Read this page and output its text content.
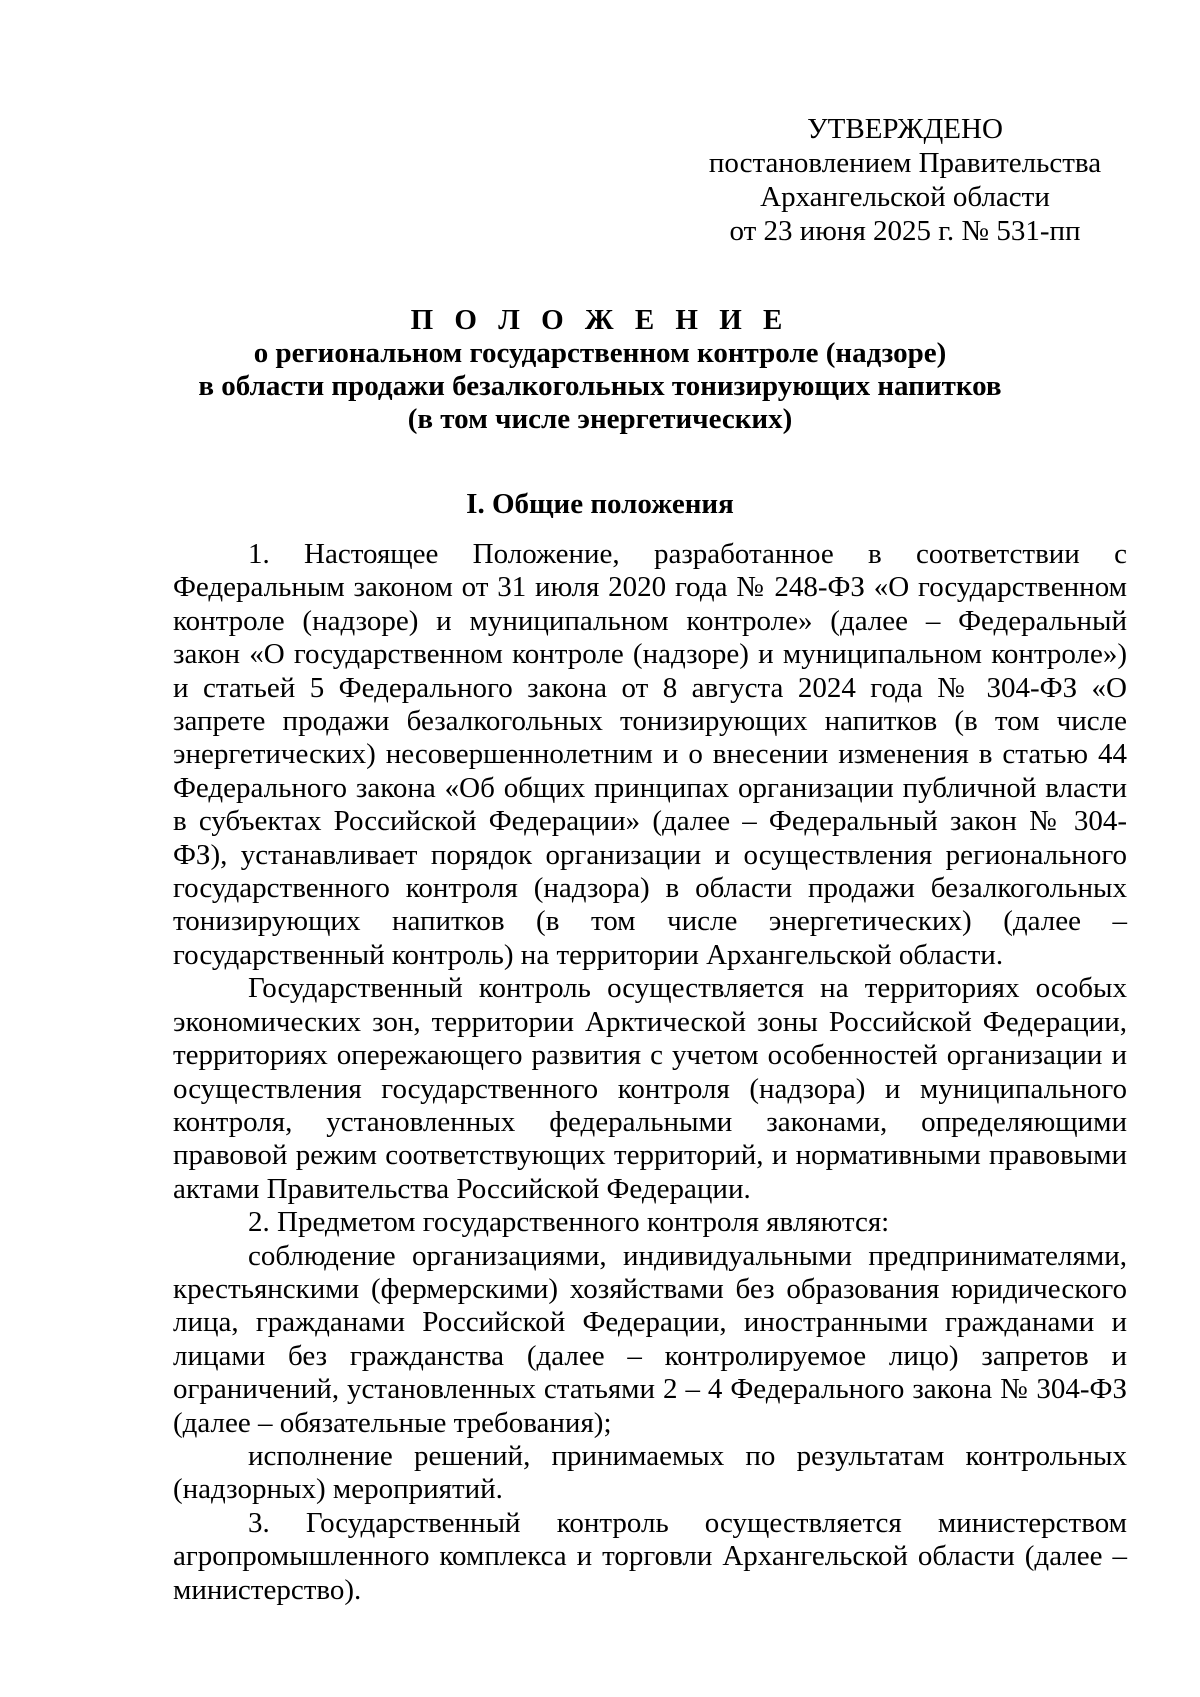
УТВЕРЖДЕНО
постановлением Правительства
Архангельской области
от 23 июня 2025 г. № 531-пп
П О Л О Ж Е Н И Е
о региональном государственном контроле (надзоре)
в области продажи безалкогольных тонизирующих напитков
(в том числе энергетических)
I. Общие положения

1. Настоящее Положение, разработанное в соответствии с Федеральным законом от 31 июля 2020 года № 248-ФЗ «О государственном контроле (надзоре) и муниципальном контроле» (далее – Федеральный закон «О государственном контроле (надзоре) и муниципальном контроле») и статьей 5 Федерального закона от 8 августа 2024 года № 304-ФЗ «О запрете продажи безалкогольных тонизирующих напитков (в том числе энергетических) несовершеннолетним и о внесении изменения в статью 44 Федерального закона «Об общих принципах организации публичной власти в субъектах Российской Федерации» (далее – Федеральный закон № 304-ФЗ), устанавливает порядок организации и осуществления регионального государственного контроля (надзора) в области продажи безалкогольных тонизирующих напитков (в том числе энергетических) (далее – государственный контроль) на территории Архангельской области.

Государственный контроль осуществляется на территориях особых экономических зон, территории Арктической зоны Российской Федерации, территориях опережающего развития с учетом особенностей организации и осуществления государственного контроля (надзора) и муниципального контроля, установленных федеральными законами, определяющими правовой режим соответствующих территорий, и нормативными правовыми актами Правительства Российской Федерации.

2. Предметом государственного контроля являются:

соблюдение организациями, индивидуальными предпринимателями, крестьянскими (фермерскими) хозяйствами без образования юридического лица, гражданами Российской Федерации, иностранными гражданами и лицами без гражданства (далее – контролируемое лицо) запретов и ограничений, установленных статьями 2 – 4 Федерального закона № 304-ФЗ (далее – обязательные требования);

исполнение решений, принимаемых по результатам контрольных (надзорных) мероприятий.

3. Государственный контроль осуществляется министерством агропромышленного комплекса и торговли Архангельской области (далее – министерство).
